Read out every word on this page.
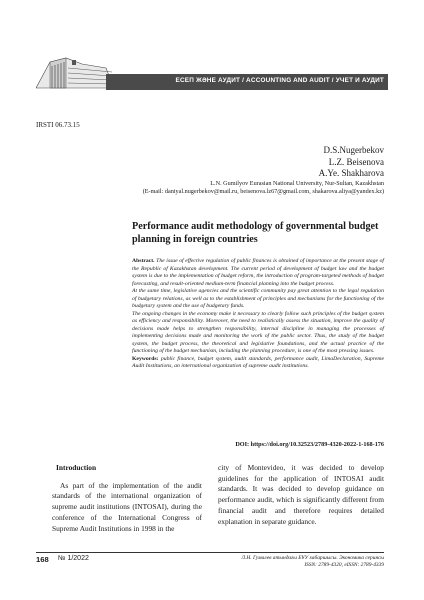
ЕСЕП ЖӘНЕ АУДИТ / ACCOUNTING AND AUDIT / УЧЕТ И АУДИТ
IRSTI 06.73.15
D.S.Nugerbekov
L.Z. Beisenova
A.Ye. Shakharova
L.N. Gumilyov Eurasian National University, Nur-Sultan, Kazakhstan
(E-mail: daniyal.nugerbekov@mail.ru, beisenova.lz67@gmail.com, shakarova.aliya@yandex.kz)
Performance audit methodology of governmental budget planning in foreign countries

Abstract. The issue of effective regulation of public finances is obtained of importance at the present stage of the Republic of Kazakhstan development. The current period of development of budget law and the budget system is due to the implementation of budget reform, the introduction of program-targeted methods of budget forecasting, and result-oriented medium-term financial planning into the budget process.

At the same time, legislative agencies and the scientific community pay great attention to the legal regulation of budgetary relations, as well as to the establishment of principles and mechanisms for the functioning of the budgetary system and the use of budgetary funds.

The ongoing changes in the economy make it necessary to clearly follow such principles of the budget system as efficiency and responsibility. Moreover, the need to realistically assess the situation, improve the quality of decisions made helps to strengthen responsibility, internal discipline in managing the processes of implementing decisions made and monitoring the work of the public sector. Thus, the study of the budget system, the budget process, the theoretical and legislative foundations, and the actual practice of the functioning of the budget mechanism, including the planning procedure, is one of the most pressing issues.

Keywords: public finance, budget system, audit standards, performance audit, LimaDeclaration, Supreme Audit Institutions, an international organization of supreme audit institutions.

DOI: https://doi.org/10.32523/2789-4320-2022-1-168-176
Introduction
As part of the implementation of the audit standards of the international organization of supreme audit institutions (INTOSAI), during the conference of the International Congress of Supreme Audit Institutions in 1998 in the
city of Montevideo, it was decided to develop guidelines for the application of INTOSAI audit standards. It was decided to develop guidance on performance audit, which is significantly different from financial audit and therefore requires detailed explanation in separate guidance.
168 № 1/2022	Л.Н. Гумилев атындағы ЕҰУ хабаршысы. Экономика сериясы
ISSN: 2789-4320, eISSN: 2789-4339
